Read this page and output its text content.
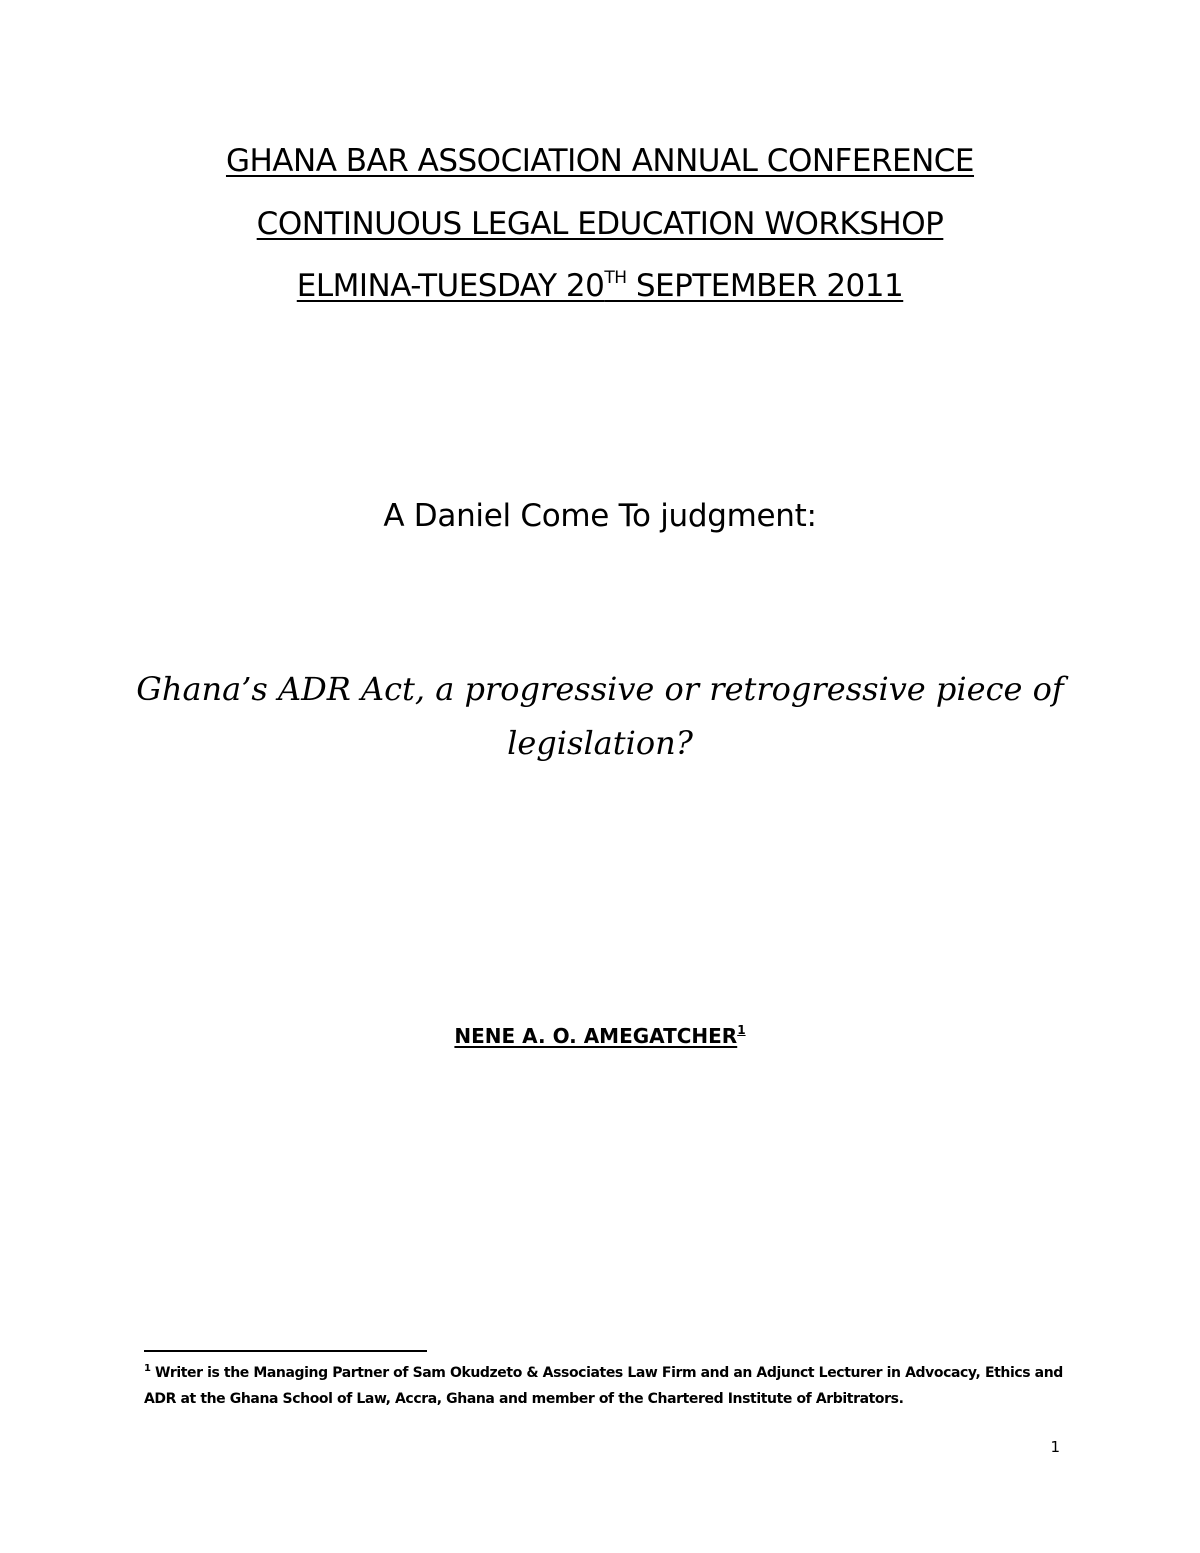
GHANA BAR ASSOCIATION ANNUAL CONFERENCE
CONTINUOUS LEGAL EDUCATION WORKSHOP
ELMINA-TUESDAY 20TH SEPTEMBER 2011
A Daniel Come To judgment:
Ghana’s ADR Act, a progressive or retrogressive piece of legislation?
NENE A. O. AMEGATCHER$^1$
$^1$ Writer is the Managing Partner of Sam Okudzeto & Associates Law Firm and an Adjunct Lecturer in Advocacy, Ethics and ADR at the Ghana School of Law, Accra, Ghana and member of the Chartered Institute of Arbitrators.
1
